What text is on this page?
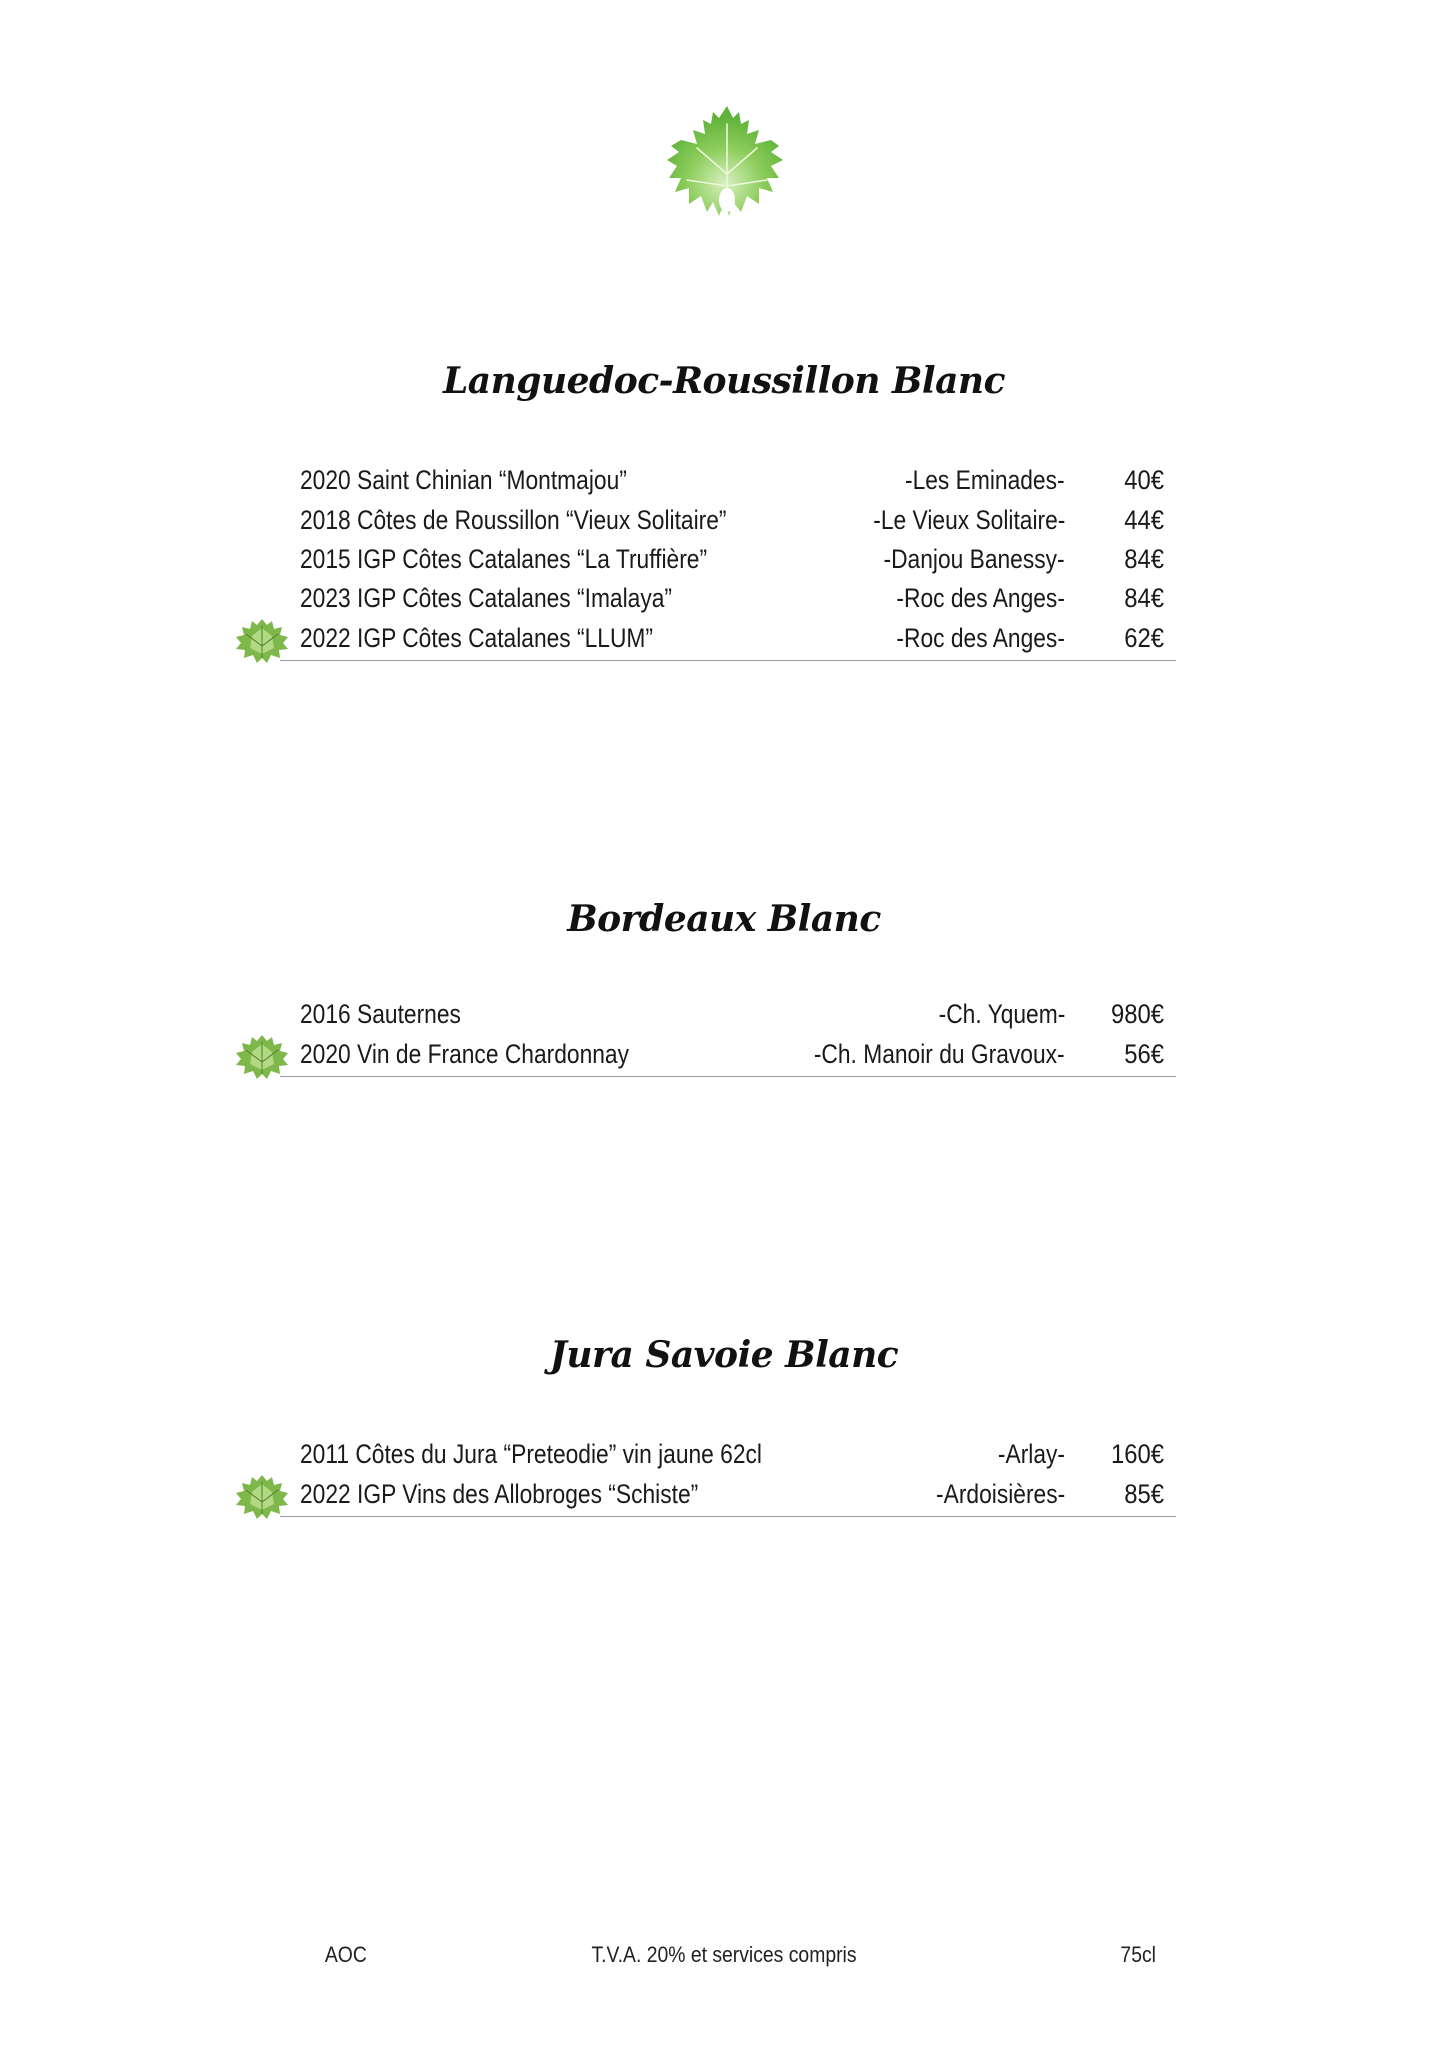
Languedoc-Roussillon Blanc
2020 Saint Chinian “Montmajou”	-Les Eminades-	40€
2018 Côtes de Roussillon “Vieux Solitaire”	-Le Vieux Solitaire-	44€
2015 IGP Côtes Catalanes “La Truffière”	-Danjou Banessy-	84€
2023 IGP Côtes Catalanes “Imalaya”	-Roc des Anges-	84€
2022 IGP Côtes Catalanes “LLUM”	-Roc des Anges-	62€
Bordeaux Blanc
2016 Sauternes	-Ch. Yquem-	980€
2020 Vin de France Chardonnay	-Ch. Manoir du Gravoux-	56€
Jura Savoie Blanc
2011 Côtes du Jura “Preteodie” vin jaune 62cl	-Arlay-	160€
2022 IGP Vins des Allobroges “Schiste”	-Ardoisières-	85€
AOC	T.V.A. 20% et services compris	75cl
